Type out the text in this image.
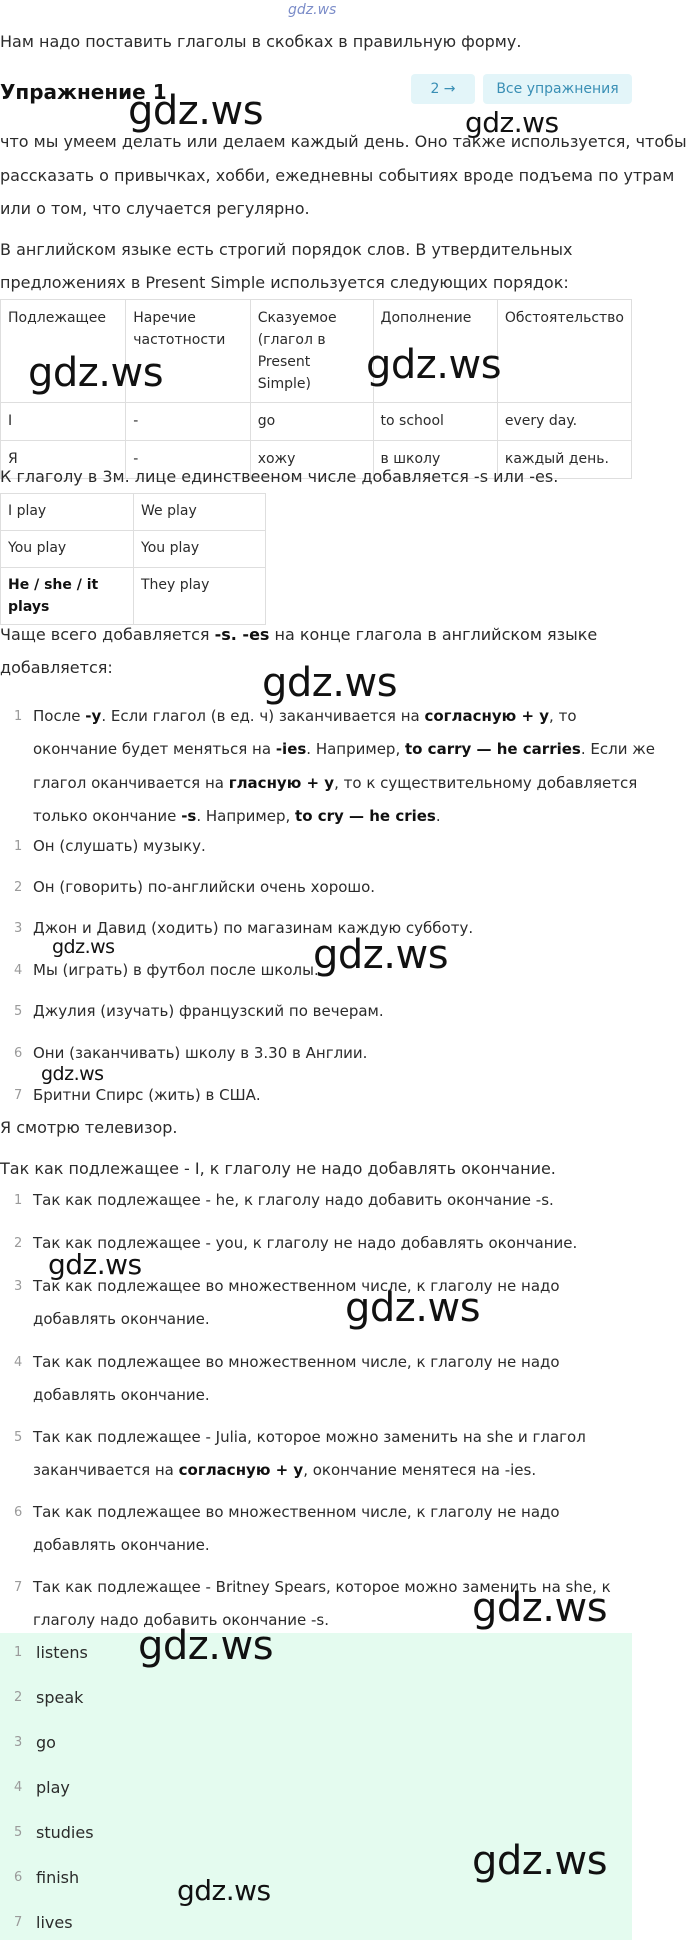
gdz.ws
Нам надо поставить глаголы в скобках в правильную форму.
Упражнение 1	2 →	Все упражнения
что мы умеем делать или делаем каждый день. Оно также используется, чтобы
рассказать о привычках, хобби, ежедневны событиях вроде подъема по утрам
или о том, что случается регулярно.
В английском языке есть строгий порядок слов. В утвердительных
предложениях в Present Simple используется следующих порядок:
Подлежащее	Наречие частотности	Сказуемое (глагол в Present Simple)	Дополнение	Обстоятельство
I	-	go	to school	every day.
Я	-	хожу	в школу	каждый день.
К глаголу в 3м. лице единствееном числе добавляется -s или -es.
I play	We play
You play	You play
He / she / it plays	They play
Чаще всего добавляется -s. -es на конце глагола в английском языке
добавляется:
1 После -y. Если глагол (в ед. ч) заканчивается на согласную + y, то
окончание будет меняться на -ies. Например, to carry — he carries. Если же
глагол оканчивается на гласную + y, то к существительному добавляется
только окончание -s. Например, to cry — he cries.
1 Он (слушать) музыку.
2 Он (говорить) по-английски очень хорошо.
3 Джон и Давид (ходить) по магазинам каждую субботу.
4 Мы (играть) в футбол после школы.
5 Джулия (изучать) французский по вечерам.
6 Они (заканчивать) школу в 3.30 в Англии.
7 Бритни Спирс (жить) в США.
Я смотрю телевизор.
Так как подлежащее - I, к глаголу не надо добавлять окончание.
1 Так как подлежащее - he, к глаголу надо добавить окончание -s.
2 Так как подлежащее - you, к глаголу не надо добавлять окончание.
3 Так как подлежащее во множественном числе, к глаголу не надо
добавлять окончание.
4 Так как подлежащее во множественном числе, к глаголу не надо
добавлять окончание.
5 Так как подлежащее - Julia, которое можно заменить на she и глагол
заканчивается на согласную + y, окончание менятеся на -ies.
6 Так как подлежащее во множественном числе, к глаголу не надо
добавлять окончание.
7 Так как подлежащее - Britney Spears, которое можно заменить на she, к
глаголу надо добавить окончание -s.
1 listens
2 speak
3 go
4 play
5 studies
6 finish
7 lives
gdz.ws	gdz.ws
gdz.ws	gdz.ws
gdz.ws
gdz.ws
gdz.ws
gdz.ws
gdz.ws
gdz.ws
gdz.ws
gdz.ws
gdz.ws
gdz.ws
